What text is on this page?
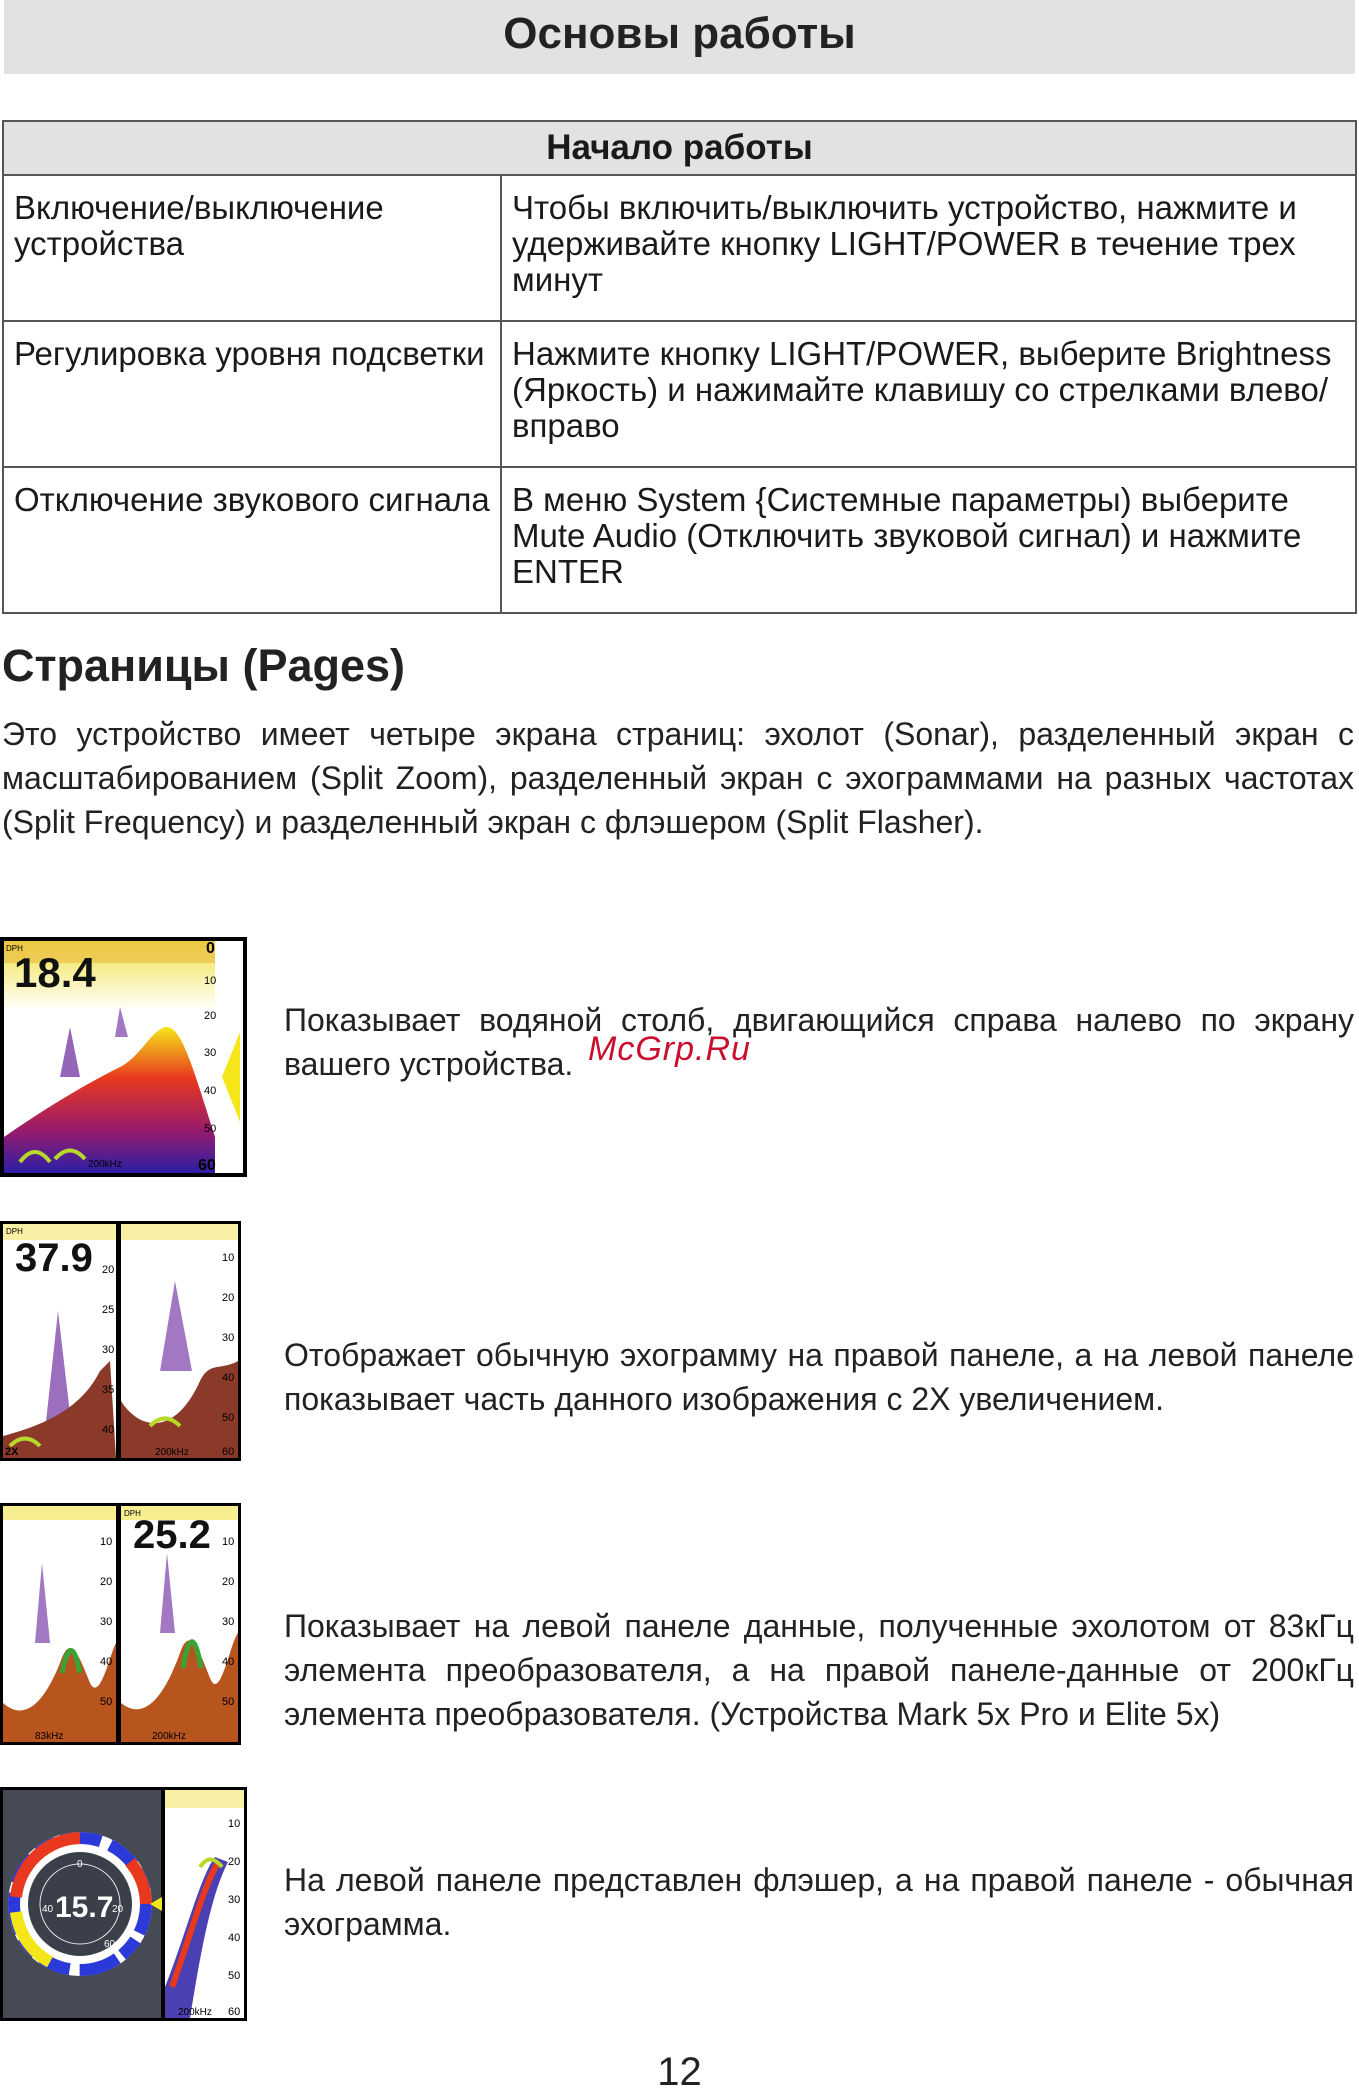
Основы работы
Начало работы	
Включение/выключение устройства	Чтобы включить/выключить устройство, нажмите и удерживайте кнопку LIGHT/POWER в течение трех минут
Регулировка уровня подсветки	Нажмите кнопку LIGHT/POWER, выберите Brightness (Яркость) и нажимайте клавишу со стрелками влево/вправо
Отключение звукового сигнала	В меню System {Системные параметры) выберите Mute Audio (Отключить звуковой сигнал) и нажмите ENTER
Страницы (Pages)

Это устройство имеет четыре экрана страниц: эхолот (Sonar), разделенный экран с масштабированием (Split Zoom), разделенный экран с эхограммами на разных частотах (Split Frequency) и разделенный экран с флэшером (Split Flasher).

DPH
18.4
200kHz
0
10
20
30
40
50
60

Показывает водяной столб, двигающийся справа налево по экрану вашего устройства. McGrp.Ru
DPH
37.9
2X	200kHz
20
25
30
35
40
10
20
30
40
50
60

Отображает обычную эхограмму на правой панеле, а на левой панеле показывает часть данного изображения с 2X увеличением.

DPH
25.2
83kHz	200kHz
10
20
30
40
50
10
20
30
40
50

Показывает на левой панеле данные, полученные эхолотом от 83кГц элемента преобразователя, а на правой панеле-данные от 200кГц элемента преобразователя. (Устройства Mark 5x Pro и Elite 5x)

15.7
0
20
40
60
200kHz
10
20
30
40
50
60

На левой панеле представлен флэшер, а на правой панеле - обычная эхограмма.

12
